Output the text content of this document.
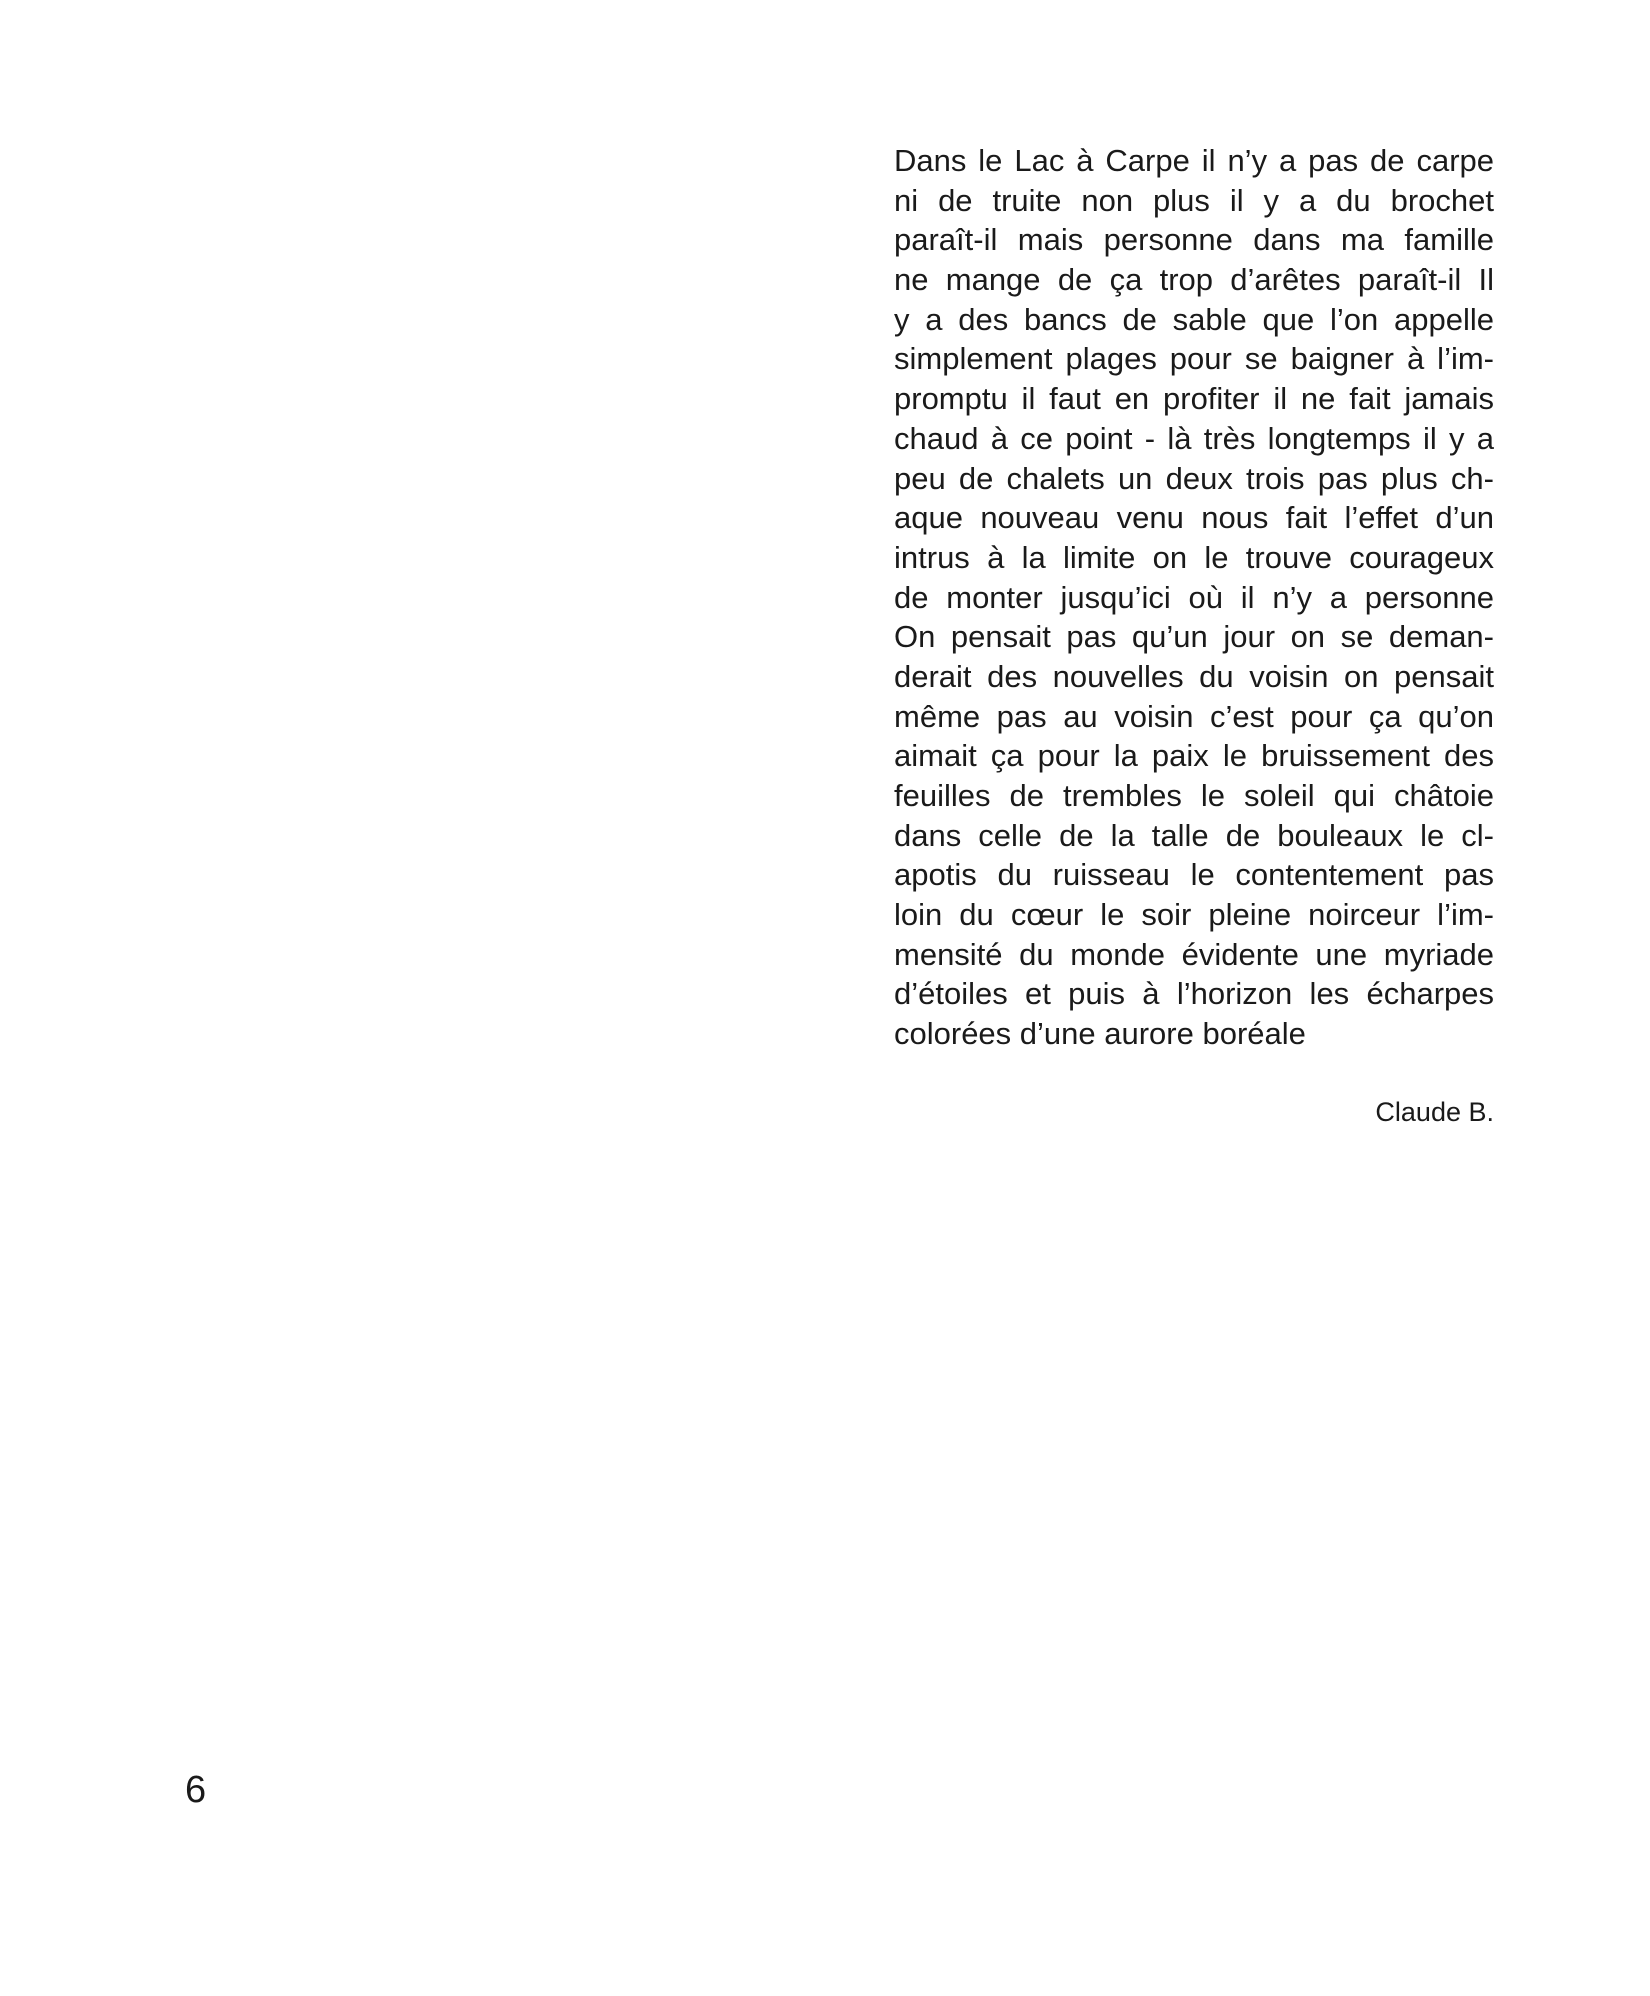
Dans le Lac à Carpe il n’y a pas de carpe
ni de truite non plus il y a du brochet
paraît-il mais personne dans ma famille
ne mange de ça trop d’arêtes paraît-il Il
y a des bancs de sable que l’on appelle
simplement plages pour se baigner à l’im-
promptu il faut en profiter il ne fait jamais
chaud à ce point - là très longtemps il y a
peu de chalets un deux trois pas plus ch-
aque nouveau venu nous fait l’effet d’un
intrus à la limite on le trouve courageux
de monter jusqu’ici où il n’y a personne
On pensait pas qu’un jour on se deman-
derait des nouvelles du voisin on pensait
même pas au voisin c’est pour ça qu’on
aimait ça pour la paix le bruissement des
feuilles de trembles le soleil qui châtoie
dans celle de la talle de bouleaux le cl-
apotis du ruisseau le contentement pas
loin du cœur le soir pleine noirceur l’im-
mensité du monde évidente une myriade
d’étoiles et puis à l’horizon les écharpes
colorées d’une aurore boréale
Claude B.
6
